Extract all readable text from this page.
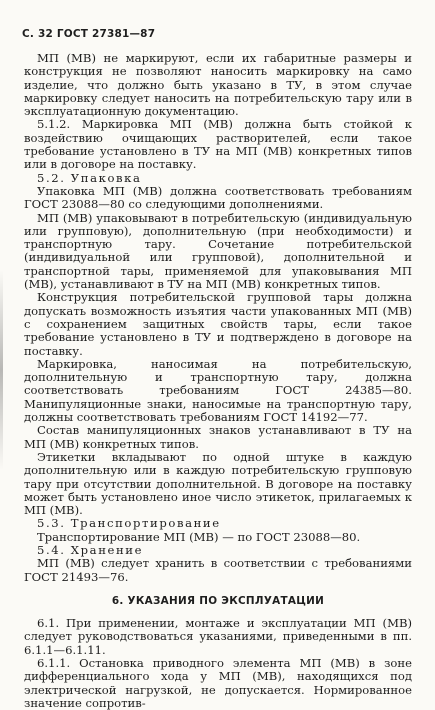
С. 32 ГОСТ 27381—87

МП (МВ) не маркируют, если их габаритные размеры и конструкция не позволяют наносить маркировку на само изделие, что должно быть указано в ТУ, в этом случае маркировку следует наносить на потребительскую тару или в эксплуатационную документацию.

5.1.2. Маркировка МП (МВ) должна быть стойкой к воздействию очищающих растворителей, если такое требование установлено в ТУ на МП (МВ) конкретных типов или в договоре на поставку.

5.2. Упаковка

Упаковка МП (МВ) должна соответствовать требованиям ГОСТ 23088—80 со следующими дополнениями.

МП (МВ) упаковывают в потребительскую (индивидуальную или групповую), дополнительную (при необходимости) и транспортную тару. Сочетание потребительской (индивидуальной или групповой), дополнительной и транспортной тары, применяемой для упаковывания МП (МВ), устанавливают в ТУ на МП (МВ) конкретных типов.

Конструкция потребительской групповой тары должна допускать возможность изъятия части упакованных МП (МВ) с сохранением защитных свойств тары, если такое требование установлено в ТУ и подтверждено в договоре на поставку.

Маркировка, наносимая на потребительскую, дополнительную и транспортную тару, должна соответствовать требованиям ГОСТ 24385—80. Манипуляционные знаки, наносимые на транспортную тару, должны соответствовать требованиям ГОСТ 14192—77.

Состав манипуляционных знаков устанавливают в ТУ на МП (МВ) конкретных типов.

Этикетки вкладывают по одной штуке в каждую дополнительную или в каждую потребительскую групповую тару при отсутствии дополнительной. В договоре на поставку может быть установлено иное число этикеток, прилагаемых к МП (МВ).

5.3. Транспортирование

Транспортирование МП (МВ) — по ГОСТ 23088—80.

5.4. Хранение

МП (МВ) следует хранить в соответствии с требованиями ГОСТ 21493—76.

6. УКАЗАНИЯ ПО ЭКСПЛУАТАЦИИ

6.1. При применении, монтаже и эксплуатации МП (МВ) следует руководствоваться указаниями, приведенными в пп. 6.1.1—6.1.11.

6.1.1. Остановка приводного элемента МП (МВ) в зоне дифференциального хода у МП (МВ), находящихся под электрической нагрузкой, не допускается. Нормированное значение сопротив-
